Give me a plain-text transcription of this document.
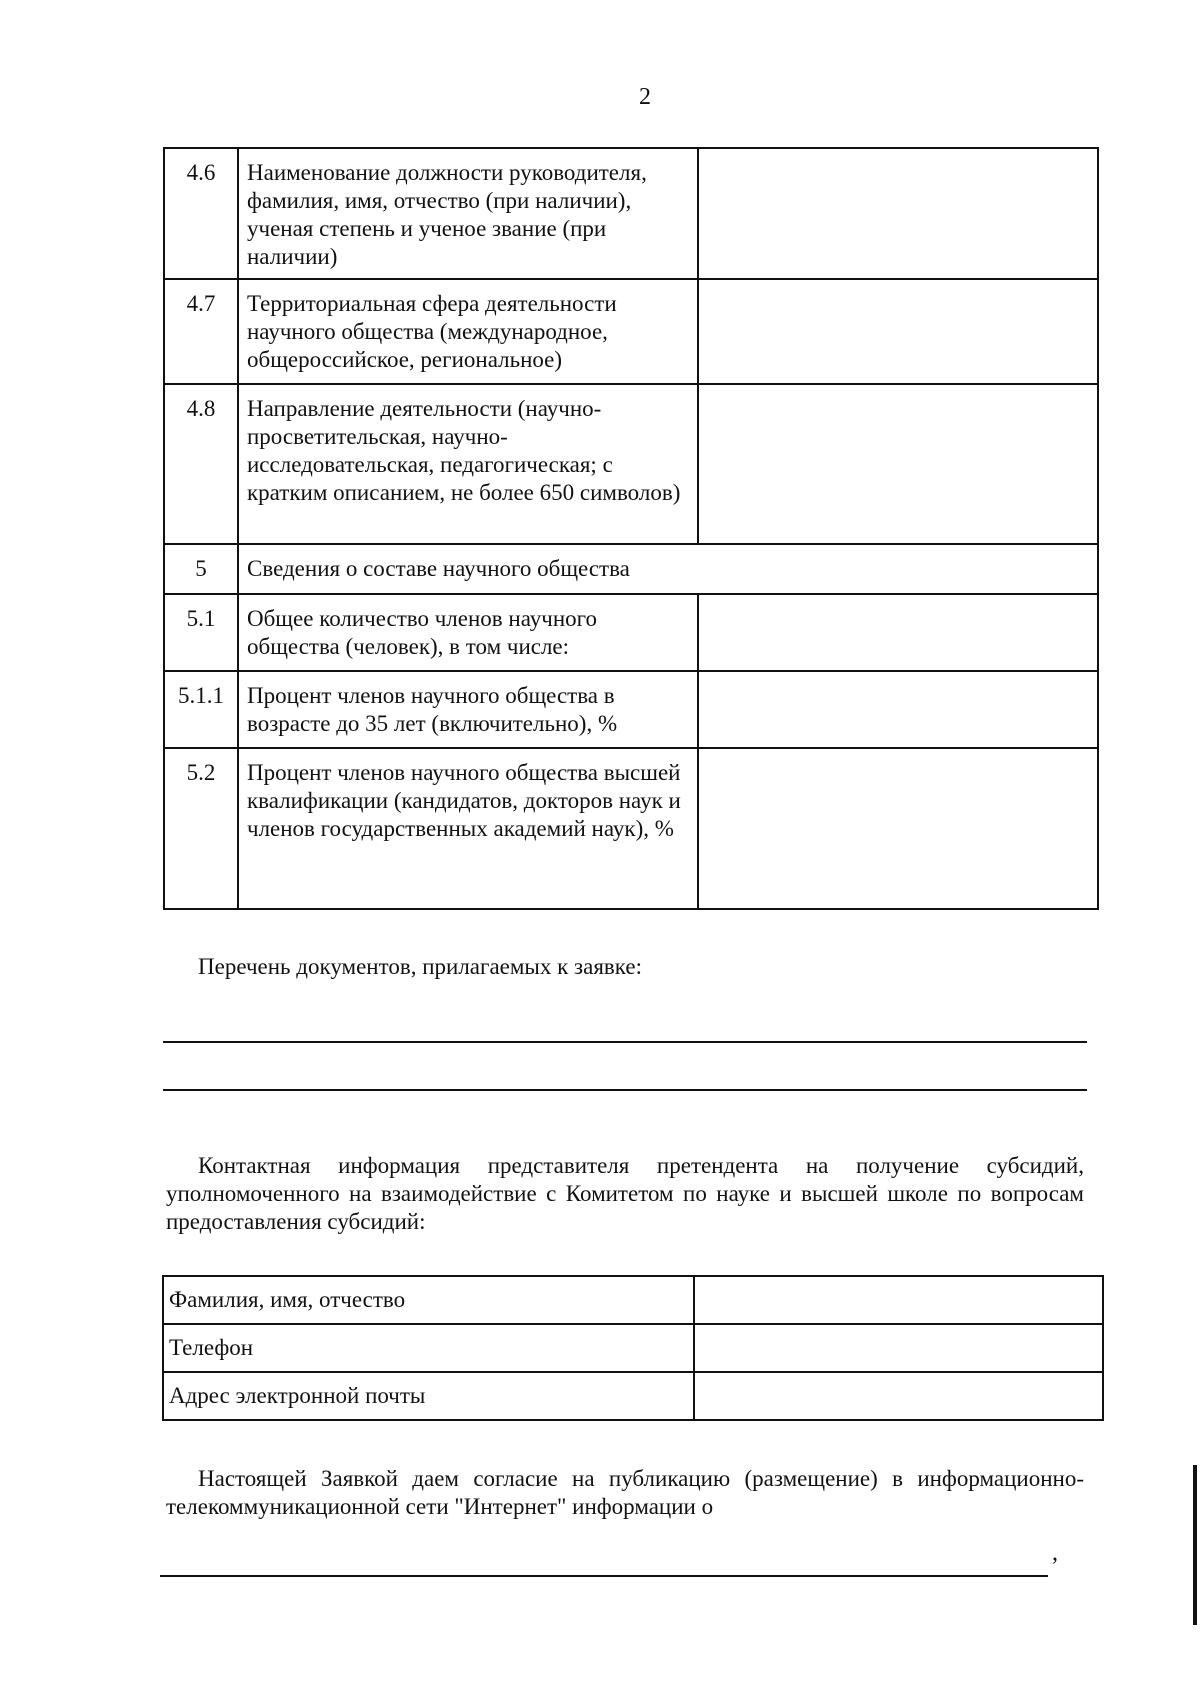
2
4.6	Наименование должности руководителя, фамилия, имя, отчество (при наличии), ученая степень и ученое звание (при наличии)	
4.7	Территориальная сфера деятельности научного общества (международное, общероссийское, региональное)	
4.8	Направление деятельности (научно-просветительская, научно-исследовательская, педагогическая; с кратким описанием, не более 650 символов)	
5	Сведения о составе научного общества	
5.1	Общее количество членов научного общества (человек), в том числе:	
5.1.1	Процент членов научного общества в возрасте до 35 лет (включительно), %	
5.2	Процент членов научного общества высшей квалификации (кандидатов, докторов наук и членов государственных академий наук), %	
Перечень документов, прилагаемых к заявке:
Контактная информация представителя претендента на получение субсидий, уполномоченного на взаимодействие с Комитетом по науке и высшей школе по вопросам предоставления субсидий:
Фамилия, имя, отчество	
Телефон	
Адрес электронной почты	
Настоящей Заявкой даем согласие на публикацию (размещение) в информационно-телекоммуникационной сети "Интернет" информации о
,
